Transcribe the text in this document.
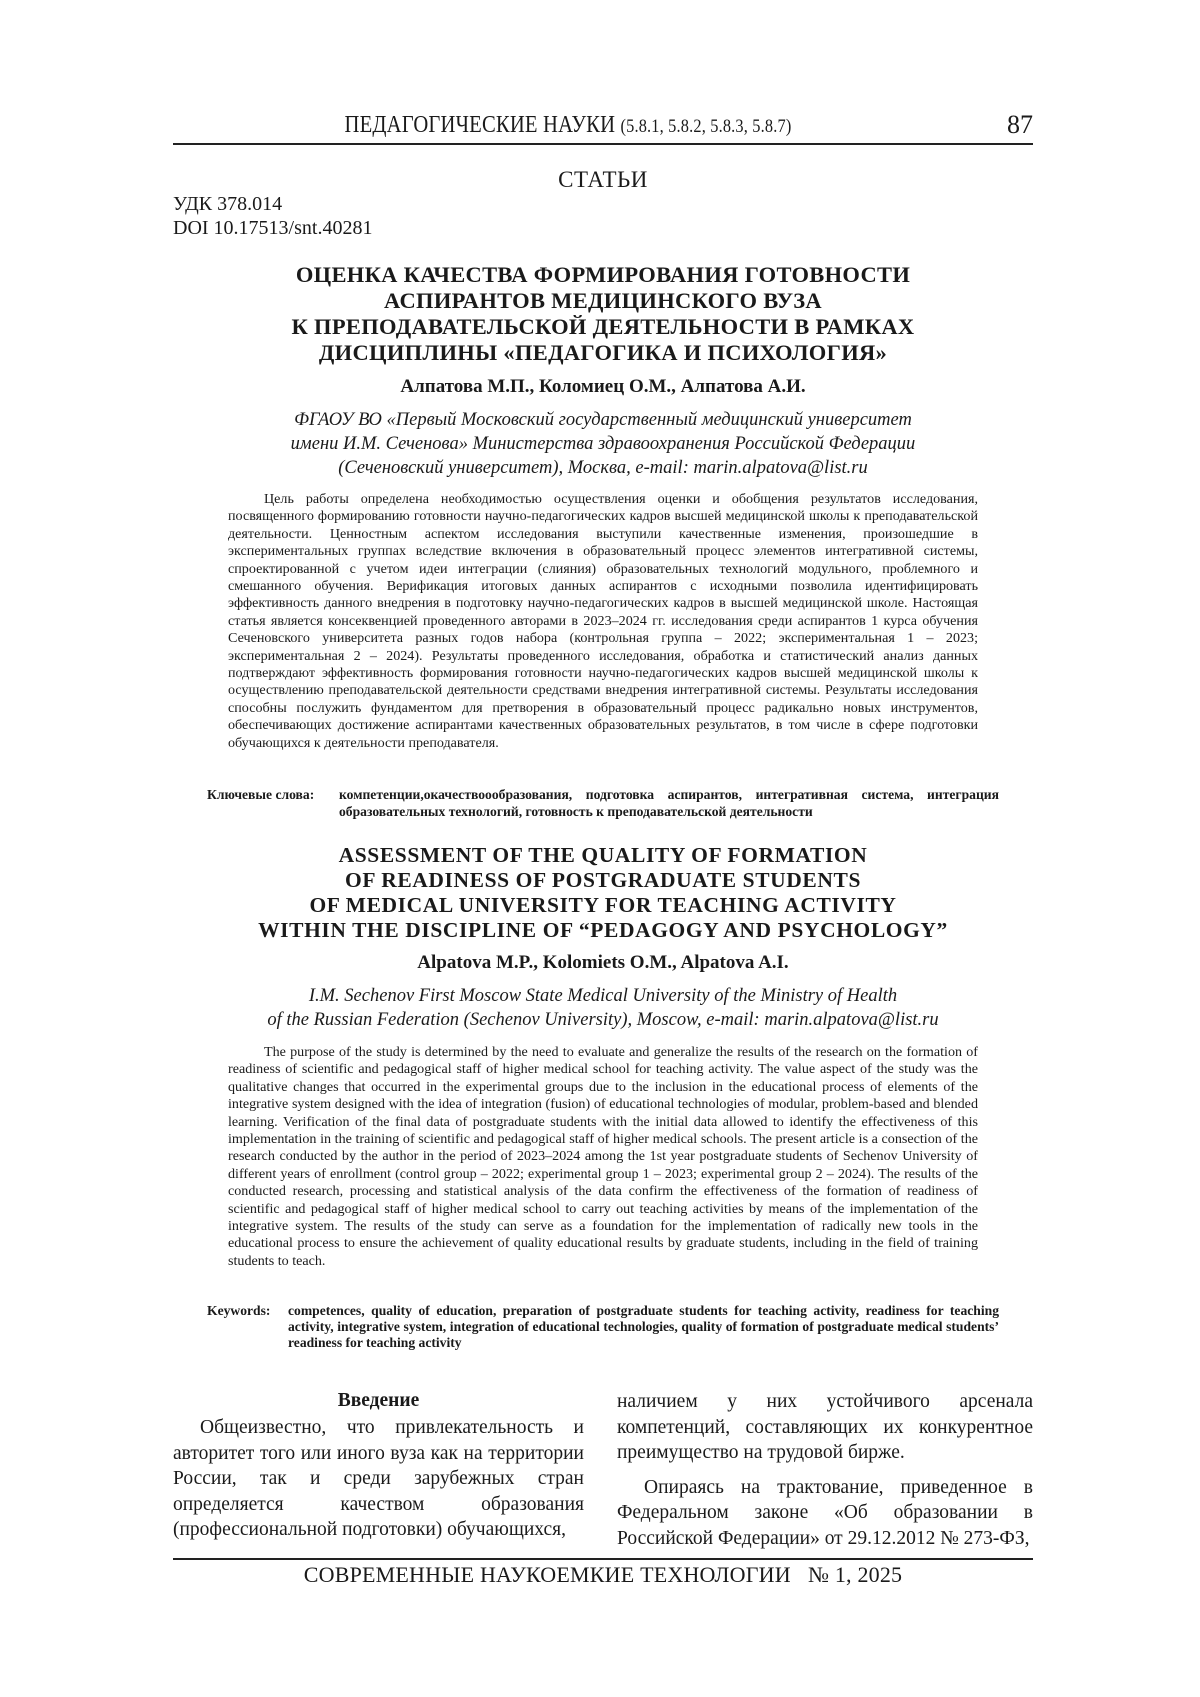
ПЕДАГОГИЧЕСКИЕ НАУКИ (5.8.1, 5.8.2, 5.8.3, 5.8.7)	87
СТАТЬИ
УДК 378.014
DOI 10.17513/snt.40281
ОЦЕНКА КАЧЕСТВА ФОРМИРОВАНИЯ ГОТОВНОСТИ
АСПИРАНТОВ МЕДИЦИНСКОГО ВУЗА
К ПРЕПОДАВАТЕЛЬСКОЙ ДЕЯТЕЛЬНОСТИ В РАМКАХ
ДИСЦИПЛИНЫ «ПЕДАГОГИКА И ПСИХОЛОГИЯ»
Алпатова М.П., Коломиец О.М., Алпатова А.И.
ФГАОУ ВО «Первый Московский государственный медицинский университет
имени И.М. Сеченова» Министерства здравоохранения Российской Федерации
(Сеченовский университет), Москва, e-mail: marin.alpatova@list.ru
Цель работы определена необходимостью осуществления оценки и обобщения результатов исследования, посвященного формированию готовности научно-педагогических кадров высшей медицинской школы к преподавательской деятельности. Ценностным аспектом исследования выступили качественные изменения, произошедшие в экспериментальных группах вследствие включения в образовательный процесс элементов интегративной системы, спроектированной с учетом идеи интеграции (слияния) образовательных технологий модульного, проблемного и смешанного обучения. Верификация итоговых данных аспирантов с исходными позволила идентифицировать эффективность данного внедрения в подготовку научно-педагогических кадров в высшей медицинской школе. Настоящая статья является консеквенцией проведенного авторами в 2023–2024 гг. исследования среди аспирантов 1 курса обучения Сеченовского университета разных годов набора (контрольная группа – 2022; экспериментальная 1 – 2023; экспериментальная 2 – 2024). Результаты проведенного исследования, обработка и статистический анализ данных подтверждают эффективность формирования готовности научно-педагогических кадров высшей медицинской школы к осуществлению преподавательской деятельности средствами внедрения интегративной системы. Результаты исследования способны послужить фундаментом для претворения в образовательный процесс радикально новых инструментов, обеспечивающих достижение аспирантами качественных образовательных результатов, в том числе в сфере подготовки обучающихся к деятельности преподавателя.
Ключевые слова:	компетенции,окачествоообразования, подготовка аспирантов, интегративная система, интеграция образовательных технологий, готовность к преподавательской деятельности
ASSESSMENT OF THE QUALITY OF FORMATION
OF READINESS OF POSTGRADUATE STUDENTS
OF MEDICAL UNIVERSITY FOR TEACHING ACTIVITY
WITHIN THE DISCIPLINE OF “PEDAGOGY AND PSYCHOLOGY”
Alpatova M.P., Kolomiets O.M., Alpatova A.I.
I.M. Sechenov First Moscow State Medical University of the Ministry of Health
of the Russian Federation (Sechenov University), Moscow, e-mail: marin.alpatova@list.ru
The purpose of the study is determined by the need to evaluate and generalize the results of the research on the formation of readiness of scientific and pedagogical staff of higher medical school for teaching activity. The value aspect of the study was the qualitative changes that occurred in the experimental groups due to the inclusion in the educational process of elements of the integrative system designed with the idea of integration (fusion) of educational technologies of modular, problem-based and blended learning. Verification of the final data of postgraduate students with the initial data allowed to identify the effectiveness of this implementation in the training of scientific and pedagogical staff of higher medical schools. The present article is a consection of the research conducted by the author in the period of 2023–2024 among the 1st year postgraduate students of Sechenov University of different years of enrollment (control group – 2022; experimental group 1 – 2023; experimental group 2 – 2024). The results of the conducted research, processing and statistical analysis of the data confirm the effectiveness of the formation of readiness of scientific and pedagogical staff of higher medical school to carry out teaching activities by means of the implementation of the integrative system. The results of the study can serve as a foundation for the implementation of radically new tools in the educational process to ensure the achievement of quality educational results by graduate students, including in the field of training students to teach.
Keywords:	competences, quality of education, preparation of postgraduate students for teaching activity, readiness for teaching activity, integrative system, integration of educational technologies, quality of formation of postgraduate medical students’ readiness for teaching activity
Введение

Общеизвестно, что привлекательность и авторитет того или иного вуза как на территории России, так и среди зарубежных стран определяется качеством образования (профессиональной подготовки) обучающихся,

наличием у них устойчивого арсенала компетенций, составляющих их конкурентное преимущество на трудовой бирже.

Опираясь на трактование, приведенное в Федеральном законе «Об образовании в Российской Федерации» от 29.12.2012 № 273-ФЗ,

СОВРЕМЕННЫЕ НАУКОЕМКИЕ ТЕХНОЛОГИИ № 1, 2025
